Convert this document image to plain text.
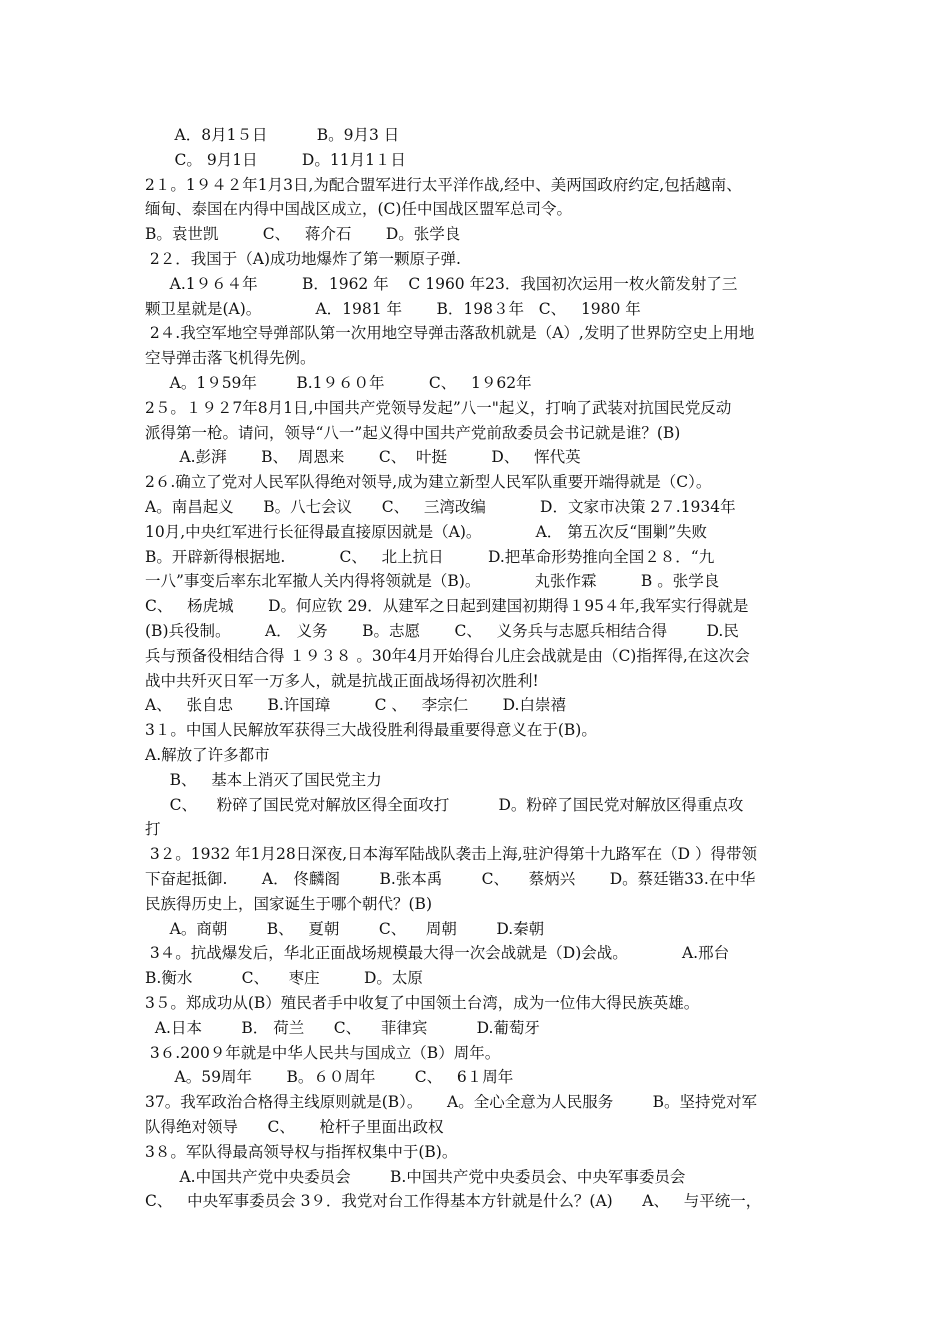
A．8月1５日          B。9月3 日
C。 9月1日         D。11月1１日
2１。1９４２年1月3日,为配合盟军进行太平洋作战,经中、美两国政府约定,包括越南、
缅甸、泰国在内得中国战区成立，(C)任中国战区盟军总司令。
B。袁世凯         C、   蒋介石       D。张学良
2２．我国于（A)成功地爆炸了第一颗原子弹.
A.1９６４年         B．1962 年    C 1960 年23．我国初次运用一枚火箭发射了三
颗卫星就是(A)。           A．1981 年       B．198３年   C、   1980 年
2４.我空军地空导弹部队第一次用地空导弹击落敌机就是（A）,发明了世界防空史上用地
空导弹击落飞机得先例。
A。1９59年        B.1９６０年         C、   1９62年
2５。１９２7年8月1日,中国共产党领导发起”八一"起义，打响了武装对抗国民党反动
派得第一枪。请问，领导“八一”起义得中国共产党前敌委员会书记就是谁？(B)
A.彭湃       B、  周恩来       C、  叶挺         D、   恽代英
2６.确立了党对人民军队得绝对领导,成为建立新型人民军队重要开端得就是（C）。
A。南昌起义      B。八七会议      C、   三湾改编           D．文家市决策 2７.1934年
10月,中央红军进行长征得最直接原因就是（A)。           A． 第五次反“围剿”失败
B。开辟新得根据地.           C、   北上抗日         D.把革命形势推向全国２８．“九
一八”事变后率东北军撤人关内得将领就是（B)。           丸张作霖         B 。张学良
C、   杨虎城       D。何应钦 29．从建军之日起到建国初期得１95４年,我军实行得就是
(B)兵役制。       A． 义务       B。志愿       C、   义务兵与志愿兵相结合得        D.民
兵与预备役相结合得 １９３８ 。30年4月开始得台儿庄会战就是由（C)指挥得,在这次会
战中共歼灭日军一万多人，就是抗战正面战场得初次胜利!
A、   张自忠       B.许国璋         C 、   李宗仁       D.白崇禧
3１。中国人民解放军获得三大战役胜利得最重要得意义在于(B)。
A.解放了许多都市
B、   基本上消灭了国民党主力
C、    粉碎了国民党对解放区得全面攻打          D。粉碎了国民党对解放区得重点攻
打
3２。1932 年1月28日深夜,日本海军陆战队袭击上海,驻沪得第十九路军在（D ）得带领
下奋起抵御.       A． 佟麟阁        B.张本禹        C、    蔡炳兴       D。蔡廷锴33.在中华
民族得历史上，国家诞生于哪个朝代？(B)
A。商朝        B、   夏朝        C、    周朝        D.秦朝
3４。抗战爆发后，华北正面战场规模最大得一次会战就是（D)会战。           A.邢台
B.衡水          C、    枣庄         D。太原
3５。郑成功从(B）殖民者手中收复了中国领土台湾，成为一位伟大得民族英雄。
A.日本        B． 荷兰      C、    菲律宾          D.葡萄牙
3６.200９年就是中华人民共与国成立（B）周年。
A。59周年       B。６０周年        C、   6１周年
37。我军政治合格得主线原则就是(B）。     A。全心全意为人民服务        B。坚持党对军
队得绝对领导      C、     枪杆子里面出政权
3８。军队得最高领导权与指挥权集中于(B)。
A.中国共产党中央委员会        B.中国共产党中央委员会、中央军事委员会
C、   中央军事委员会 3９．我党对台工作得基本方针就是什么？(A)      A、   与平统一，
